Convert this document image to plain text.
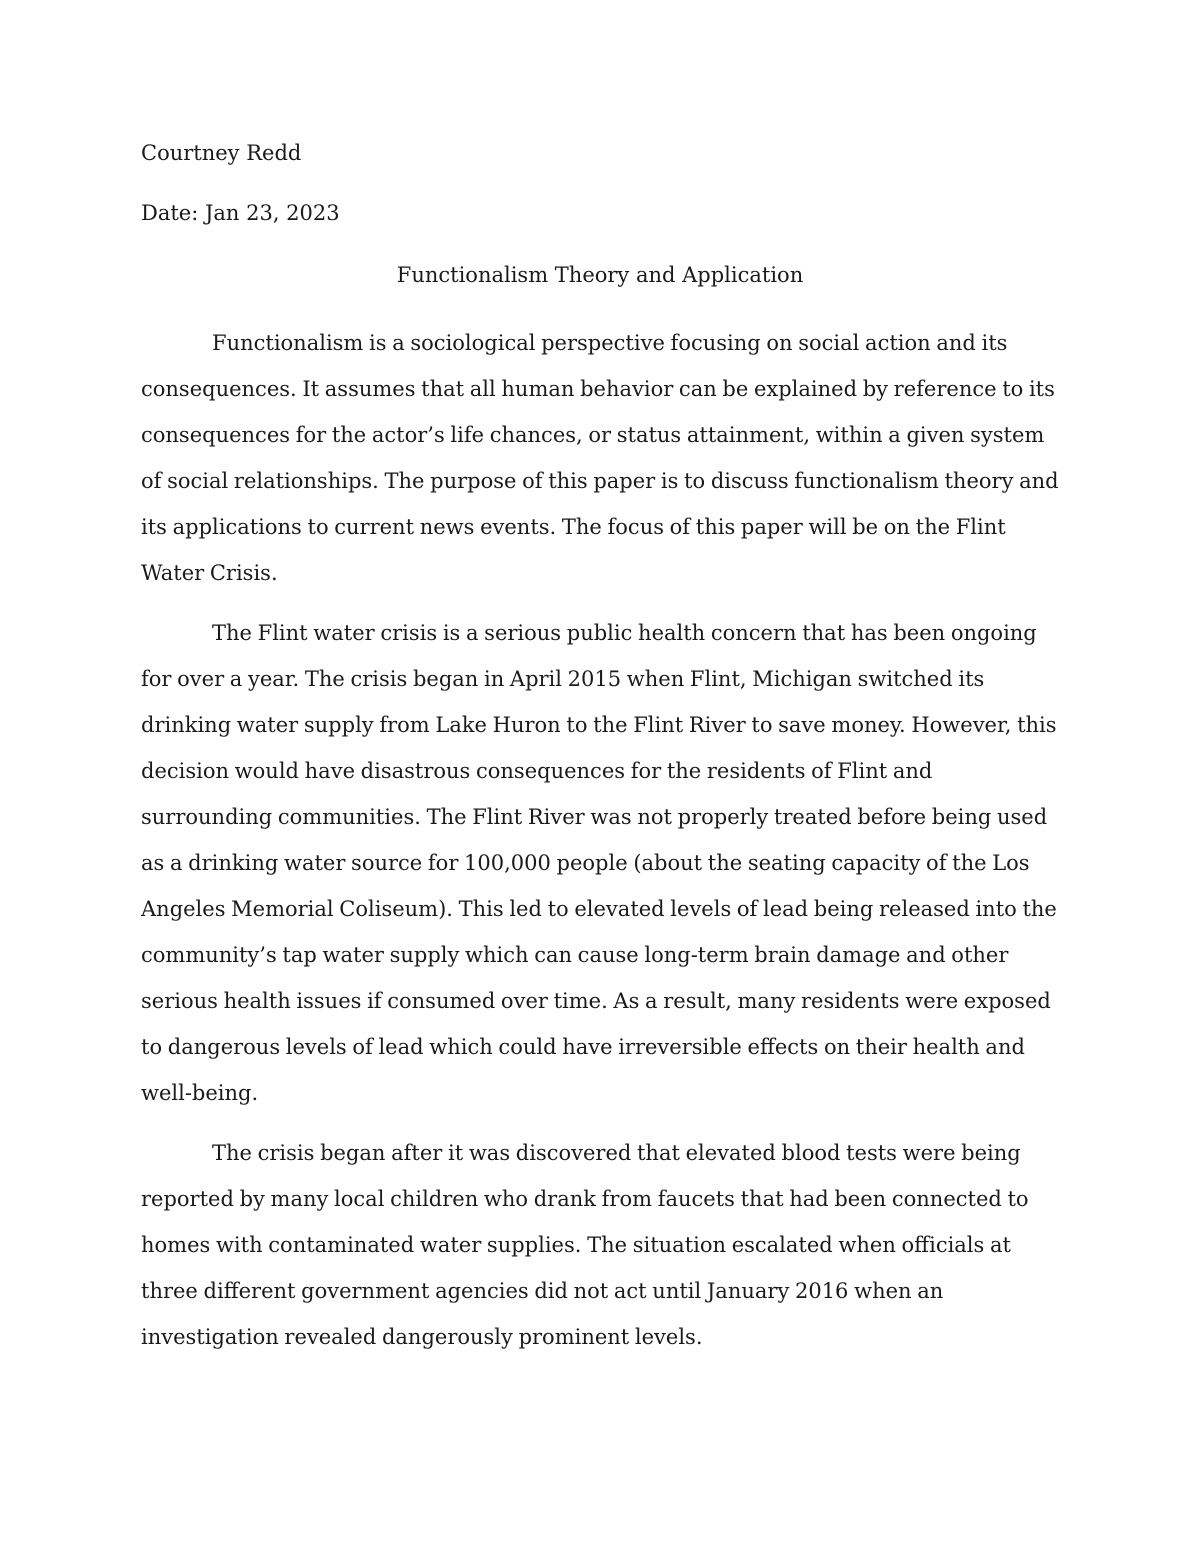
Courtney Redd

Date: Jan 23, 2023

Functionalism Theory and Application

Functionalism is a sociological perspective focusing on social action and its consequences. It assumes that all human behavior can be explained by reference to its consequences for the actor’s life chances, or status attainment, within a given system of social relationships. The purpose of this paper is to discuss functionalism theory and its applications to current news events. The focus of this paper will be on the Flint Water Crisis.

The Flint water crisis is a serious public health concern that has been ongoing for over a year. The crisis began in April 2015 when Flint, Michigan switched its drinking water supply from Lake Huron to the Flint River to save money. However, this decision would have disastrous consequences for the residents of Flint and surrounding communities. The Flint River was not properly treated before being used as a drinking water source for 100,000 people (about the seating capacity of the Los Angeles Memorial Coliseum). This led to elevated levels of lead being released into the community’s tap water supply which can cause long-term brain damage and other serious health issues if consumed over time. As a result, many residents were exposed to dangerous levels of lead which could have irreversible effects on their health and well-being.

The crisis began after it was discovered that elevated blood tests were being reported by many local children who drank from faucets that had been connected to homes with contaminated water supplies. The situation escalated when officials at three different government agencies did not act until January 2016 when an investigation revealed dangerously prominent levels.
